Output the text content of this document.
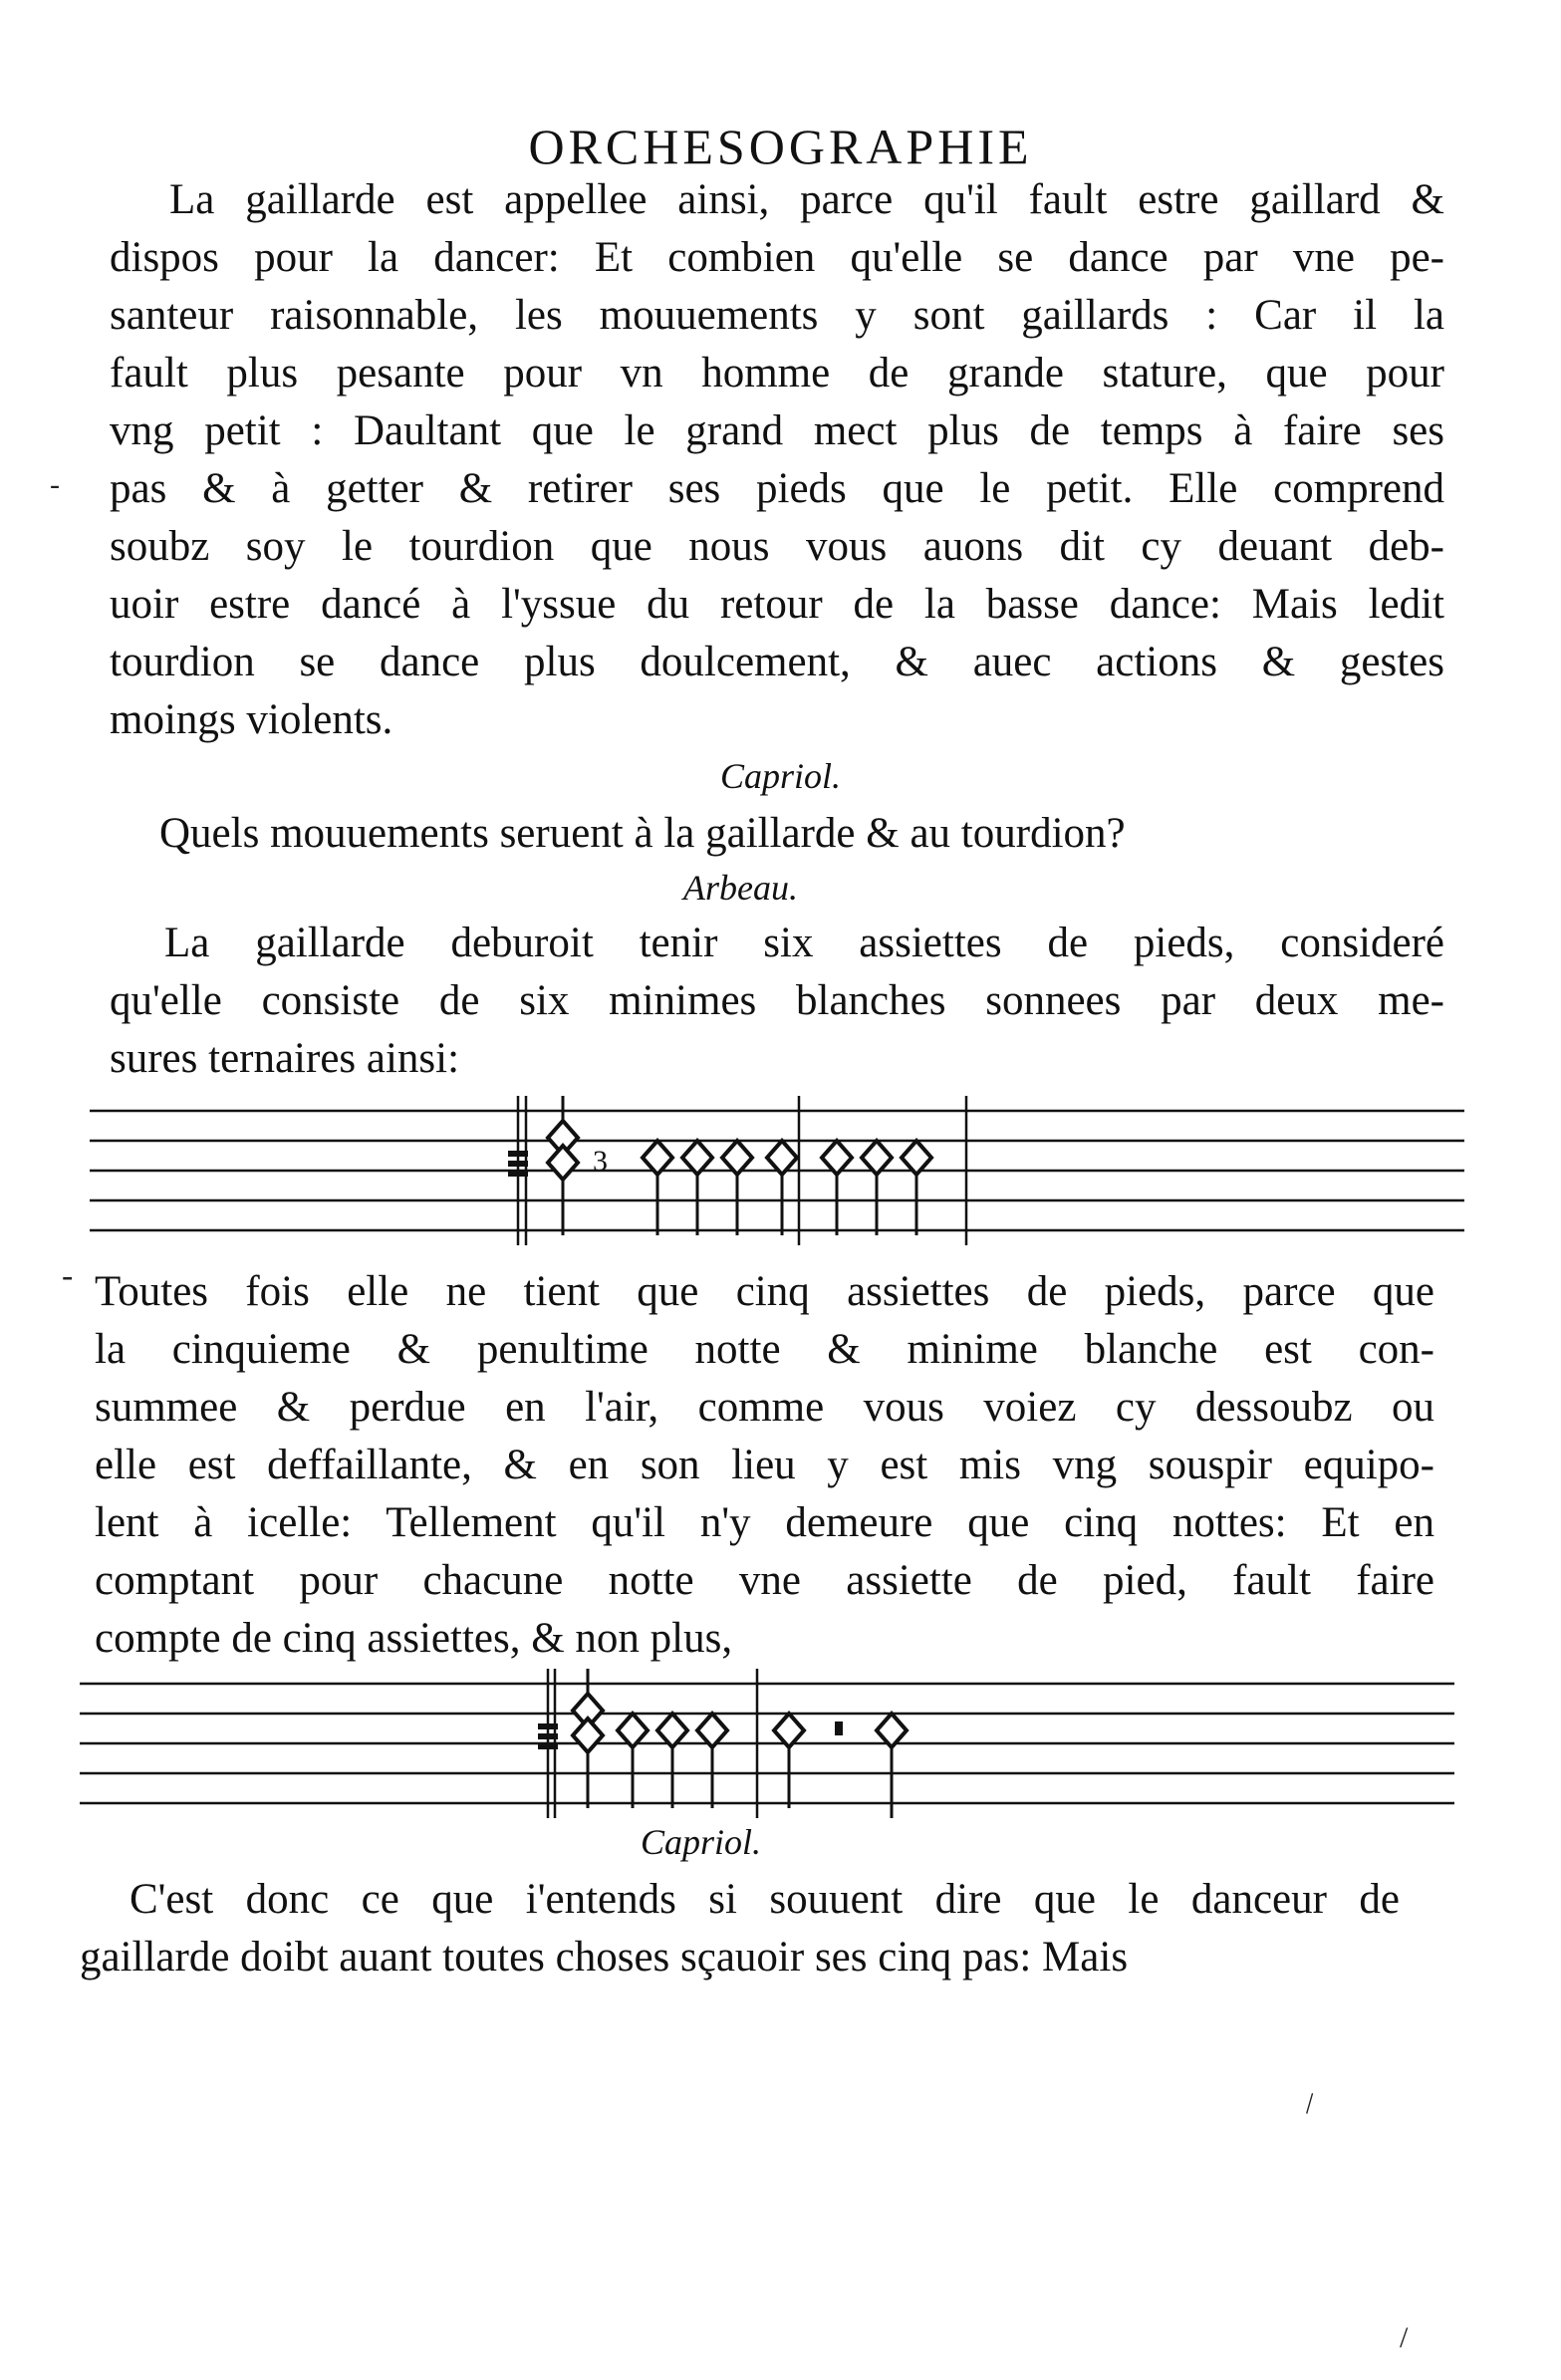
ORCHESOGRAPHIE
La gaillarde est appellee ainsi, parce qu'il fault estre gaillard &
dispos pour la dancer: Et combien qu'elle se dance par vne pe-
santeur raisonnable, les mouuements y sont gaillards : Car il la
fault plus pesante pour vn homme de grande stature, que pour
vng petit : Daultant que le grand mect plus de temps à faire ses
pas & à getter & retirer ses pieds que le petit. Elle comprend
soubz soy le tourdion que nous vous auons dit cy deuant deb-
uoir estre dancé à l'yssue du retour de la basse dance: Mais ledit
tourdion se dance plus doulcement, & auec actions & gestes
moings violents.
Capriol.
Quels mouuements seruent à la gaillarde & au tourdion?
Arbeau.
La gaillarde deburoit tenir six assiettes de pieds, consideré
qu'elle consiste de six minimes blanches sonnees par deux me-
sures ternaires ainsi:
3
Toutes fois elle ne tient que cinq assiettes de pieds, parce que
la cinquieme & penultime notte & minime blanche est con-
summee & perdue en l'air, comme vous voiez cy dessoubz ou
elle est deffaillante, & en son lieu y est mis vng souspir equipo-
lent à icelle: Tellement qu'il n'y demeure que cinq nottes: Et en
comptant pour chacune notte vne assiette de pied, fault faire
compte de cinq assiettes, & non plus,
Capriol.
C'est donc ce que i'entends si souuent dire que le danceur de
gaillarde doibt auant toutes choses sçauoir ses cinq pas: Mais
-
-
\
/
